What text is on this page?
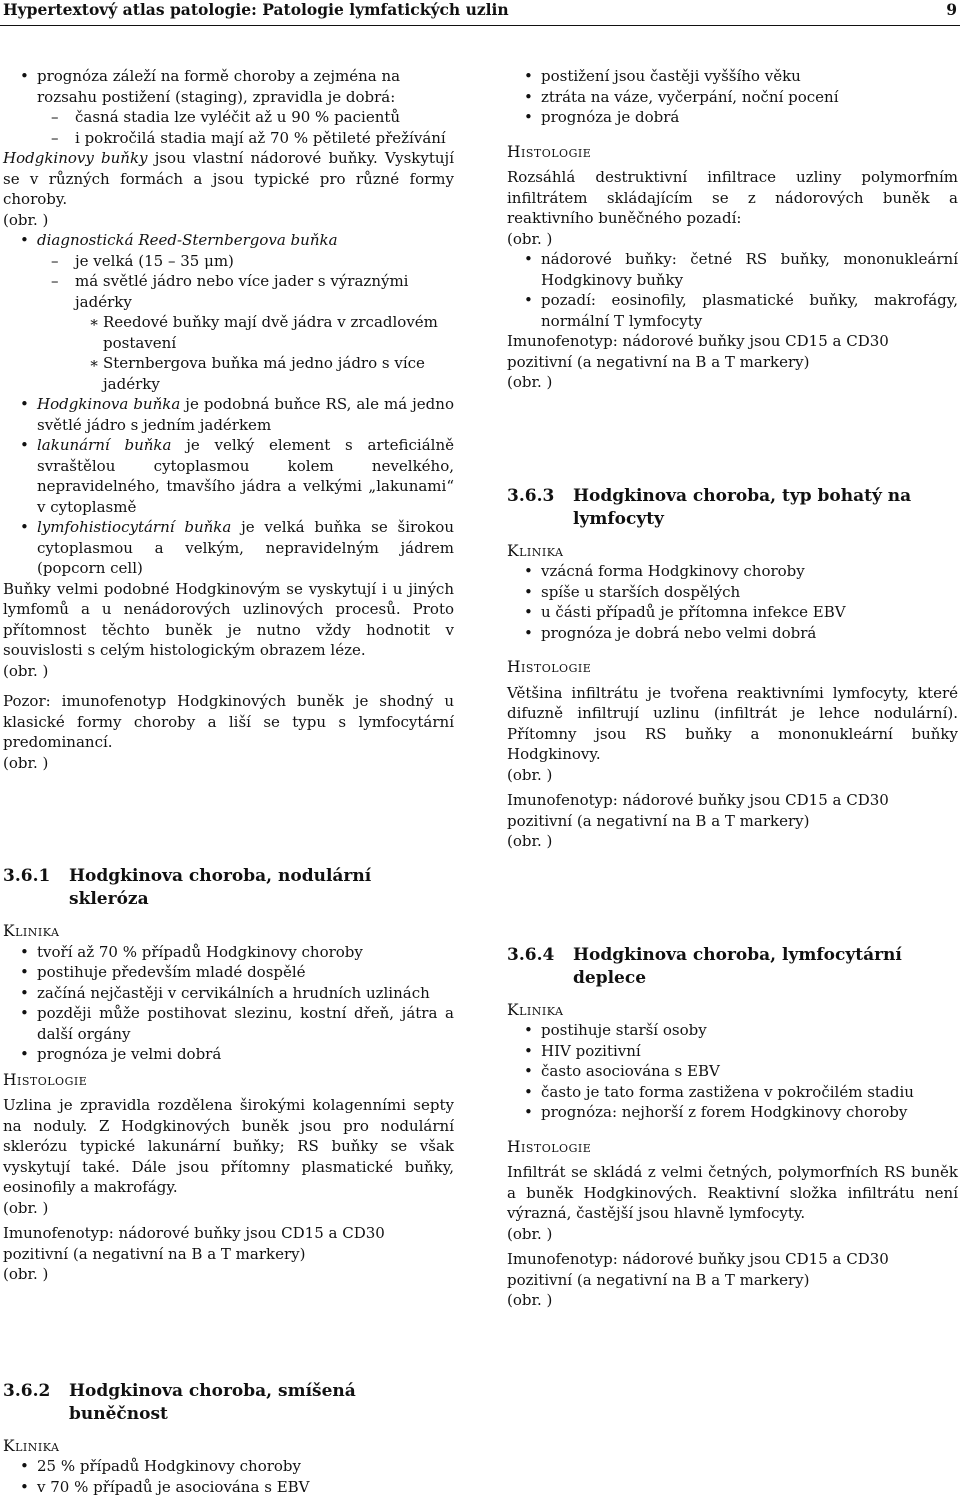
Hypertextový atlas patologie: Patologie lymfatických uzlin	9
• prognóza záleží na formě choroby a zejména na rozsahu postižení (staging), zpravidla je dobrá:
– časná stadia lze vyléčit až u 90 % pacientů
– i pokročilá stadia mají až 70 % pětileté přežívání

Hodgkinovy buňky jsou vlastní nádorové buňky. Vyskytují se v různých formách a jsou typické pro různé formy choroby.

(obr. )

• diagnostická Reed-Sternbergova buňka
– je velká (15 – 35 μm)
– má světlé jádro nebo více jader s výraznými jadérky
∗ Reedové buňky mají dvě jádra v zrcadlovém postavení
∗ Sternbergova buňka má jedno jádro s více jadérky
• Hodgkinova buňka je podobná buňce RS, ale má jedno světlé jádro s jedním jadérkem
• lakunární buňka je velký element s arteficiálně svraštělou cytoplasmou kolem nevelkého, nepravidelného, tmavšího jádra a velkými „lakunami“ v cytoplasmě
• lymfohistiocytární buňka je velká buňka se širokou cytoplasmou a velkým, nepravidelným jádrem (popcorn cell)

Buňky velmi podobné Hodgkinovým se vyskytují i u jiných lymfomů a u nenádorových uzlinových procesů. Proto přítomnost těchto buněk je nutno vždy hodnotit v souvislosti s celým histologickým obrazem léze.

(obr. )

Pozor: imunofenotyp Hodgkinových buněk je shodný u klasické formy choroby a liší se typu s lymfocytární predominancí.

(obr. )

3.6.1	Hodgkinova choroba, nodulární skleróza
Klinika
• tvoří až 70 % případů Hodgkinovy choroby
• postihuje především mladé dospělé
• začíná nejčastěji v cervikálních a hrudních uzlinách
• později může postihovat slezinu, kostní dřeň, játra a další orgány
• prognóza je velmi dobrá
Histologie

Uzlina je zpravidla rozdělena širokými kolagenními septy na noduly. Z Hodgkinových buněk jsou pro nodulární sklerózu typické lakunární buňky; RS buňky se však vyskytují také. Dále jsou přítomny plasmatické buňky, eosinofily a makrofágy.

(obr. )

Imunofenotyp: nádorové buňky jsou CD15 a CD30 pozitivní (a negativní na B a T markery)

(obr. )

3.6.2	Hodgkinova choroba, smíšená buněčnost
Klinika
• 25 % případů Hodgkinovy choroby
• v 70 % případů je asociována s EBV
• postižení jsou častěji vyššího věku
• ztráta na váze, vyčerpání, noční pocení
• prognóza je dobrá
Histologie

Rozsáhlá destruktivní infiltrace uzliny polymorfním infiltrátem skládajícím se z nádorových buněk a reaktivního buněčného pozadí:

(obr. )

• nádorové buňky: četné RS buňky, mononukleární Hodgkinovy buňky
• pozadí: eosinofily, plasmatické buňky, makrofágy, normální T lymfocyty

Imunofenotyp: nádorové buňky jsou CD15 a CD30 pozitivní (a negativní na B a T markery)

(obr. )

3.6.3	Hodgkinova choroba, typ bohatý na lymfocyty
Klinika
• vzácná forma Hodgkinovy choroby
• spíše u starších dospělých
• u části případů je přítomna infekce EBV
• prognóza je dobrá nebo velmi dobrá
Histologie

Většina infiltrátu je tvořena reaktivními lymfocyty, které difuzně infiltrují uzlinu (infiltrát je lehce nodulární). Přítomny jsou RS buňky a mononukleární buňky Hodgkinovy.

(obr. )

Imunofenotyp: nádorové buňky jsou CD15 a CD30 pozitivní (a negativní na B a T markery)

(obr. )

3.6.4	Hodgkinova choroba, lymfocytární deplece
Klinika
• postihuje starší osoby
• HIV pozitivní
• často asociována s EBV
• často je tato forma zastižena v pokročilém stadiu
• prognóza: nejhorší z forem Hodgkinovy choroby
Histologie

Infiltrát se skládá z velmi četných, polymorfních RS buněk a buněk Hodgkinových. Reaktivní složka infiltrátu není výrazná, častější jsou hlavně lymfocyty.

(obr. )

Imunofenotyp: nádorové buňky jsou CD15 a CD30 pozitivní (a negativní na B a T markery)

(obr. )
